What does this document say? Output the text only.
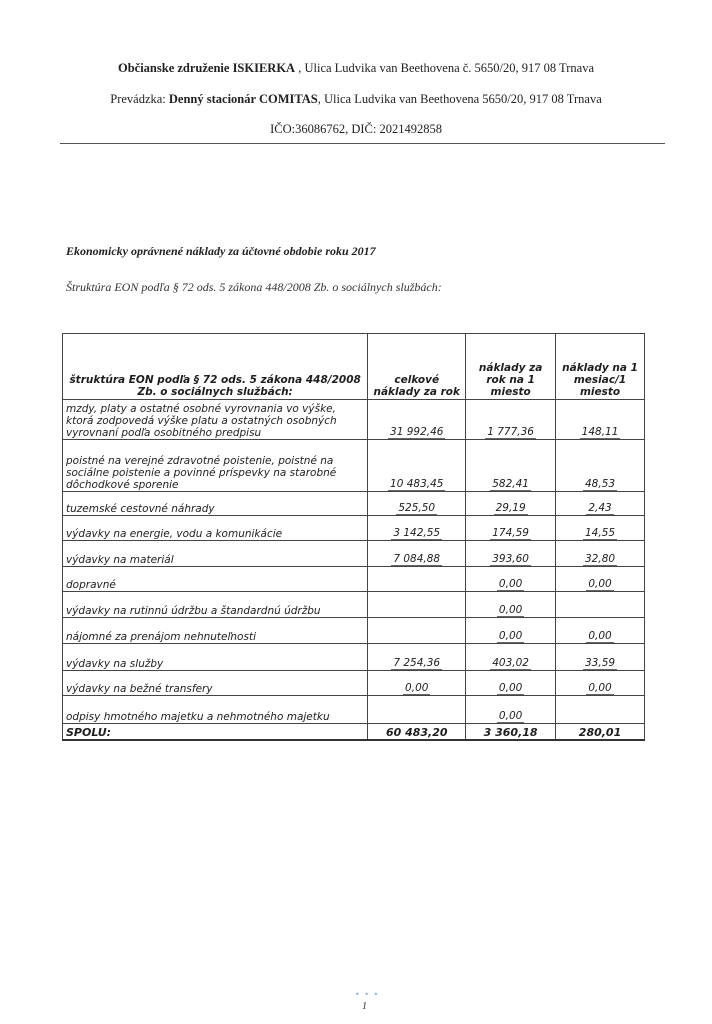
Občianske združenie ISKIERKA , Ulica Ludvika van Beethovena č. 5650/20, 917 08 Trnava
Prevádzka: Denný stacionár COMITAS, Ulica Ludvika van Beethovena 5650/20, 917 08 Trnava
IČO:36086762, DIČ: 2021492858
Ekonomicky oprávnené náklady za účtovné obdobie roku 2017
Štruktúra EON podľa § 72 ods. 5 zákona 448/2008 Zb. o sociálnych službách:
štruktúra EON podľa § 72 ods. 5 zákona 448/2008 Zb. o sociálnych službách:	celkové náklady za rok	náklady za rok na 1 miesto	náklady na 1 mesiac/1 miesto
mzdy, platy a ostatné osobné vyrovnania vo výške, ktorá zodpovedá výške platu a ostatných osobných vyrovnaní podľa osobitného predpisu	31 992,46	1 777,36	148,11
poistné na verejné zdravotné poistenie, poistné na sociálne poistenie a povinné príspevky na starobné dôchodkové sporenie	10 483,45	582,41	48,53
tuzemské cestovné náhrady	525,50	29,19	2,43
výdavky na energie, vodu a komunikácie	3 142,55	174,59	14,55
výdavky na materiál	7 084,88	393,60	32,80
dopravné		0,00	0,00
výdavky na rutinnú údržbu a štandardnú údržbu		0,00	
nájomné za prenájom nehnuteľnosti		0,00	0,00
výdavky na služby	7 254,36	403,02	33,59
výdavky na bežné transfery	0,00	0,00	0,00
odpisy hmotného majetku a nehmotného majetku		0,00	
SPOLU:	60 483,20	3 360,18	280,01
• • •
1
